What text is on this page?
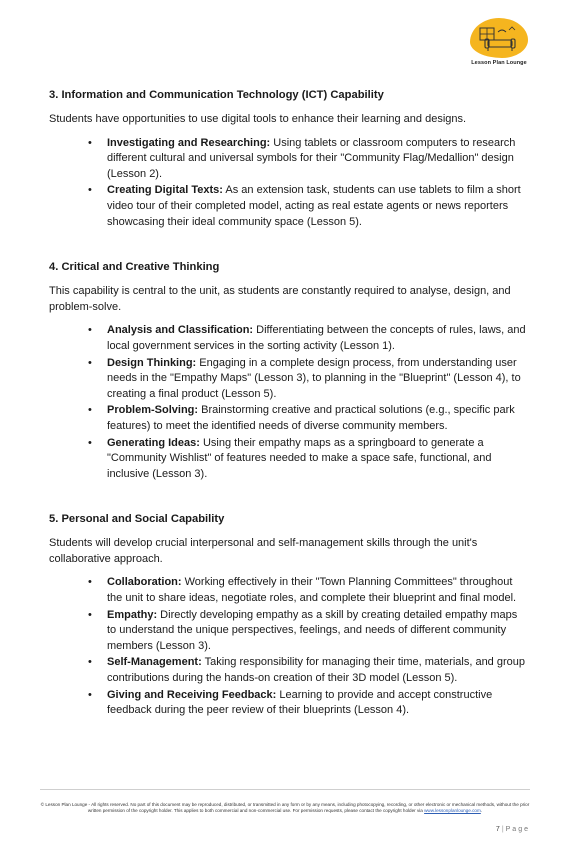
Lesson Plan Lounge
3. Information and Communication Technology (ICT) Capability

Students have opportunities to use digital tools to enhance their learning and designs.

• Investigating and Researching: Using tablets or classroom computers to research different cultural and universal symbols for their "Community Flag/Medallion" design (Lesson 2).
• Creating Digital Texts: As an extension task, students can use tablets to film a short video tour of their completed model, acting as real estate agents or news reporters showcasing their ideal community space (Lesson 5).
4. Critical and Creative Thinking

This capability is central to the unit, as students are constantly required to analyse, design, and problem-solve.

• Analysis and Classification: Differentiating between the concepts of rules, laws, and local government services in the sorting activity (Lesson 1).
• Design Thinking: Engaging in a complete design process, from understanding user needs in the "Empathy Maps" (Lesson 3), to planning in the "Blueprint" (Lesson 4), to creating a final product (Lesson 5).
• Problem-Solving: Brainstorming creative and practical solutions (e.g., specific park features) to meet the identified needs of diverse community members.
• Generating Ideas: Using their empathy maps as a springboard to generate a "Community Wishlist" of features needed to make a space safe, functional, and inclusive (Lesson 3).
5. Personal and Social Capability

Students will develop crucial interpersonal and self-management skills through the unit's collaborative approach.

• Collaboration: Working effectively in their "Town Planning Committees" throughout the unit to share ideas, negotiate roles, and complete their blueprint and final model.
• Empathy: Directly developing empathy as a skill by creating detailed empathy maps to understand the unique perspectives, feelings, and needs of different community members (Lesson 3).
• Self-Management: Taking responsibility for managing their time, materials, and group contributions during the hands-on creation of their 3D model (Lesson 5).
• Giving and Receiving Feedback: Learning to provide and accept constructive feedback during the peer review of their blueprints (Lesson 4).
© Lesson Plan Lounge - All rights reserved. No part of this document may be reproduced, distributed, or transmitted in any form or by any means, including photocopying, recording, or other electronic or mechanical methods, without the prior written permission of the copyright holder. This applies to both commercial and non-commercial use. For permission requests, please contact the copyright holder via www.lessonplanlounge.com.
7 | Page
